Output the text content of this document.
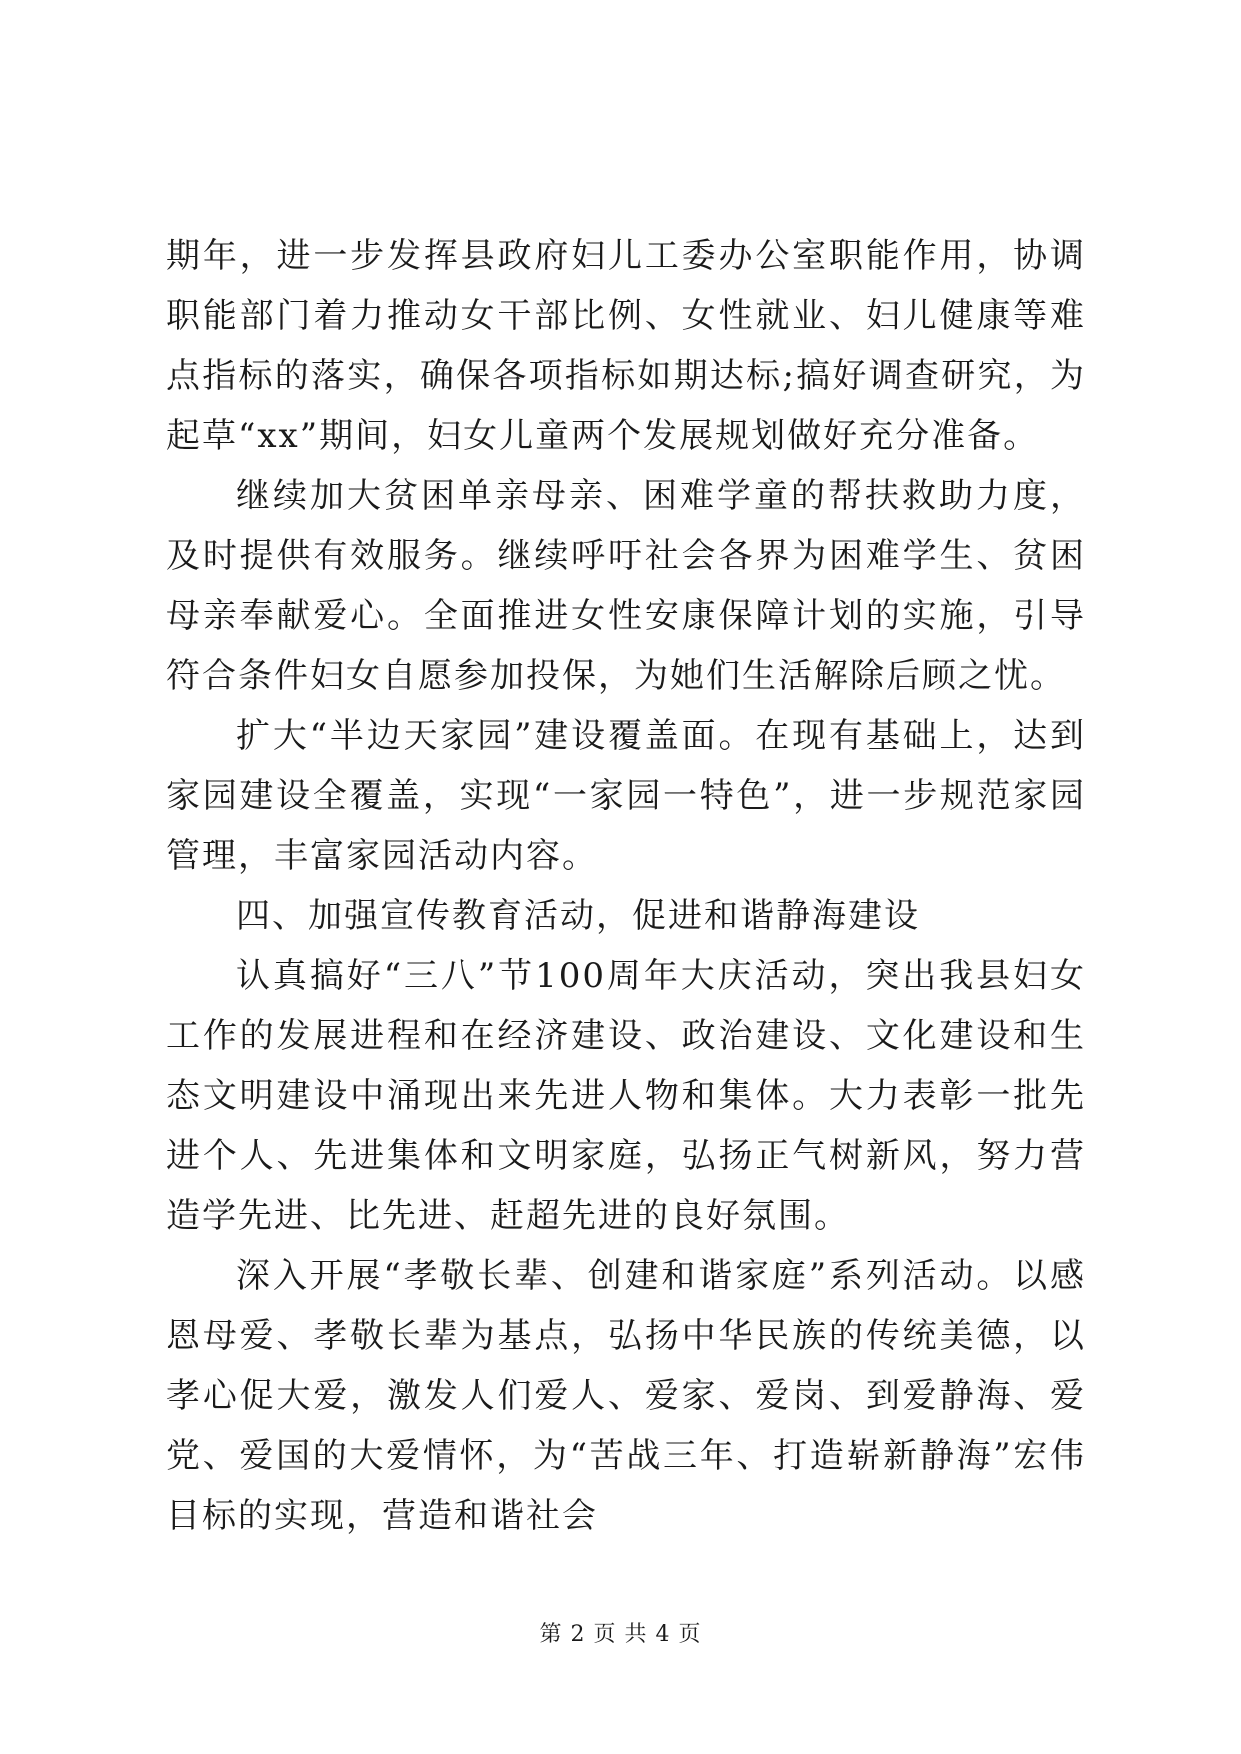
期年，进一步发挥县政府妇儿工委办公室职能作用，协调职能部门着力推动女干部比例、女性就业、妇儿健康等难点指标的落实，确保各项指标如期达标;搞好调查研究，为起草“xx”期间，妇女儿童两个发展规划做好充分准备。

继续加大贫困单亲母亲、困难学童的帮扶救助力度，及时提供有效服务。继续呼吁社会各界为困难学生、贫困母亲奉献爱心。全面推进女性安康保障计划的实施，引导符合条件妇女自愿参加投保，为她们生活解除后顾之忧。

扩大“半边天家园”建设覆盖面。在现有基础上，达到家园建设全覆盖，实现“一家园一特色”，进一步规范家园管理，丰富家园活动内容。

四、加强宣传教育活动，促进和谐静海建设

认真搞好“三八”节100周年大庆活动，突出我县妇女工作的发展进程和在经济建设、政治建设、文化建设和生态文明建设中涌现出来先进人物和集体。大力表彰一批先进个人、先进集体和文明家庭，弘扬正气树新风，努力营造学先进、比先进、赶超先进的良好氛围。

深入开展“孝敬长辈、创建和谐家庭”系列活动。以感恩母爱、孝敬长辈为基点，弘扬中华民族的传统美德，以孝心促大爱，激发人们爱人、爱家、爱岗、到爱静海、爱党、爱国的大爱情怀，为“苦战三年、打造崭新静海”宏伟目标的实现，营造和谐社会

第 2 页 共 4 页
